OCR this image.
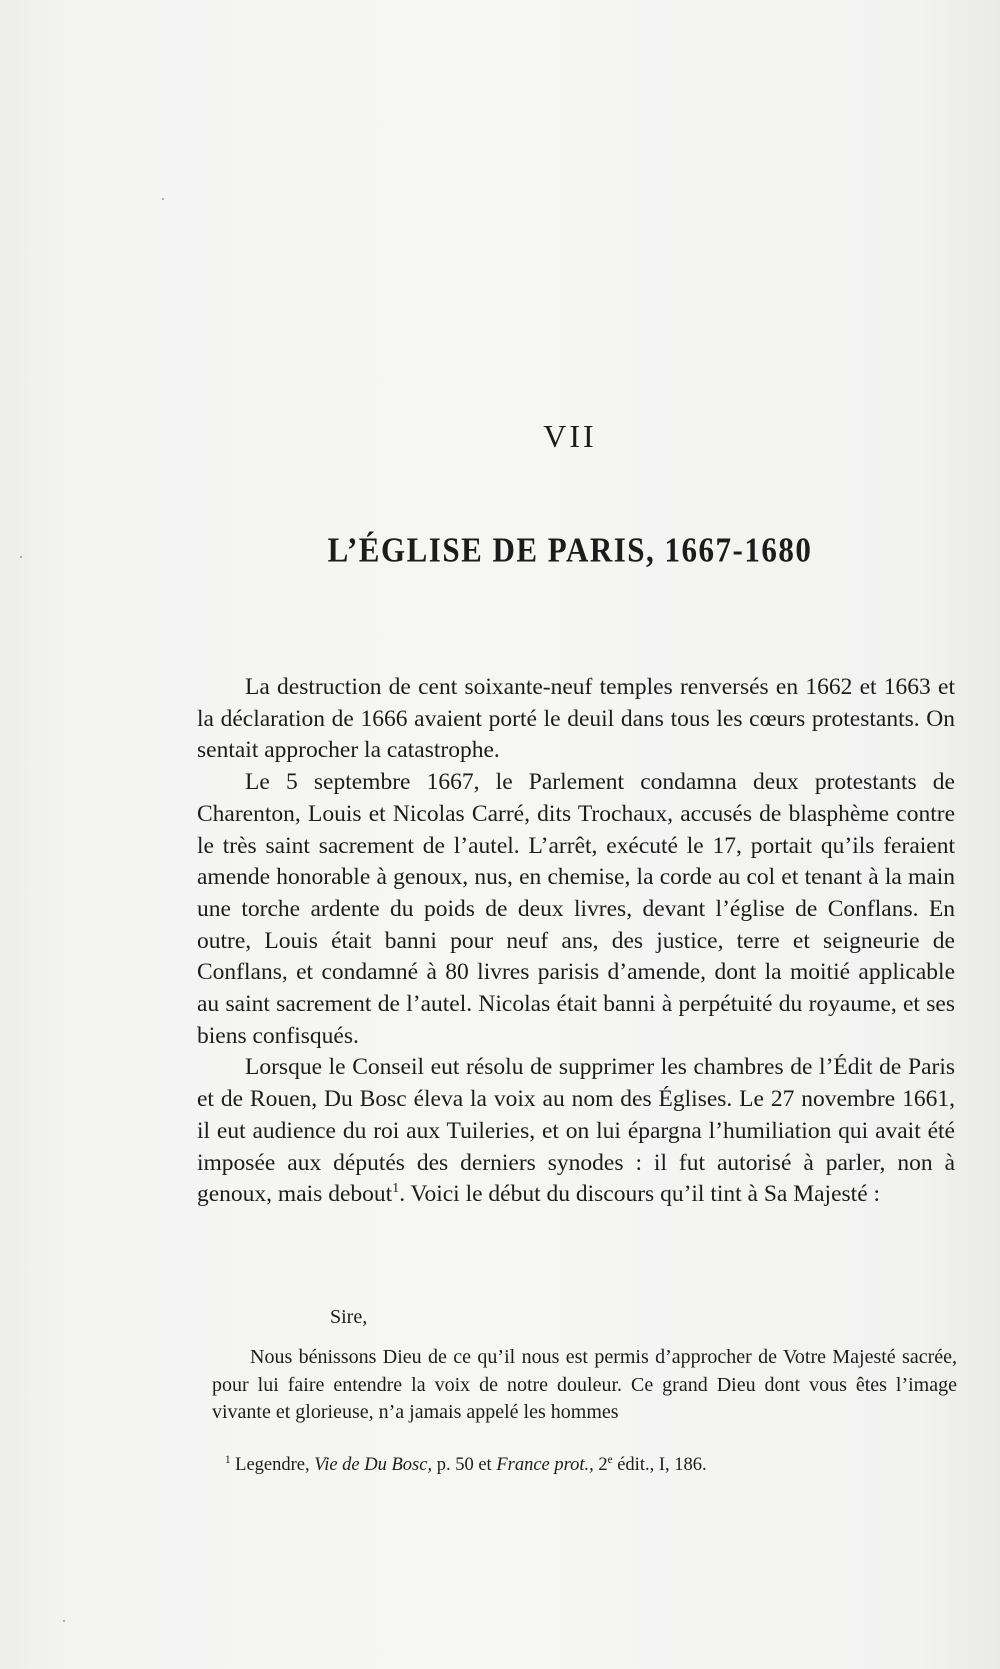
VII
L’ÉGLISE DE PARIS, 1667-1680

La destruction de cent soixante-neuf temples renversés en 1662 et 1663 et la déclaration de 1666 avaient porté le deuil dans tous les cœurs protestants. On sentait approcher la catastrophe.

Le 5 septembre 1667, le Parlement condamna deux protestants de Charenton, Louis et Nicolas Carré, dits Trochaux, accusés de blasphème contre le très saint sacrement de l’autel. L’arrêt, exécuté le 17, portait qu’ils feraient amende honorable à genoux, nus, en chemise, la corde au col et tenant à la main une torche ardente du poids de deux livres, devant l’église de Conflans. En outre, Louis était banni pour neuf ans, des justice, terre et seigneurie de Conflans, et condamné à 80 livres parisis d’amende, dont la moitié applicable au saint sacrement de l’autel. Nicolas était banni à perpétuité du royaume, et ses biens confisqués.

Lorsque le Conseil eut résolu de supprimer les chambres de l’Édit de Paris et de Rouen, Du Bosc éleva la voix au nom des Églises. Le 27 novembre 1661, il eut audience du roi aux Tuileries, et on lui épargna l’humiliation qui avait été imposée aux députés des derniers synodes : il fut autorisé à parler, non à genoux, mais debout$^1$. Voici le début du discours qu’il tint à Sa Majesté :

Sire,

Nous bénissons Dieu de ce qu’il nous est permis d’approcher de Votre Majesté sacrée, pour lui faire entendre la voix de notre douleur. Ce grand Dieu dont vous êtes l’image vivante et glorieuse, n’a jamais appelé les hommes

$^1$ Legendre, Vie de Du Bosc, p. 50 et France prot., 2e édit., I, 186.
